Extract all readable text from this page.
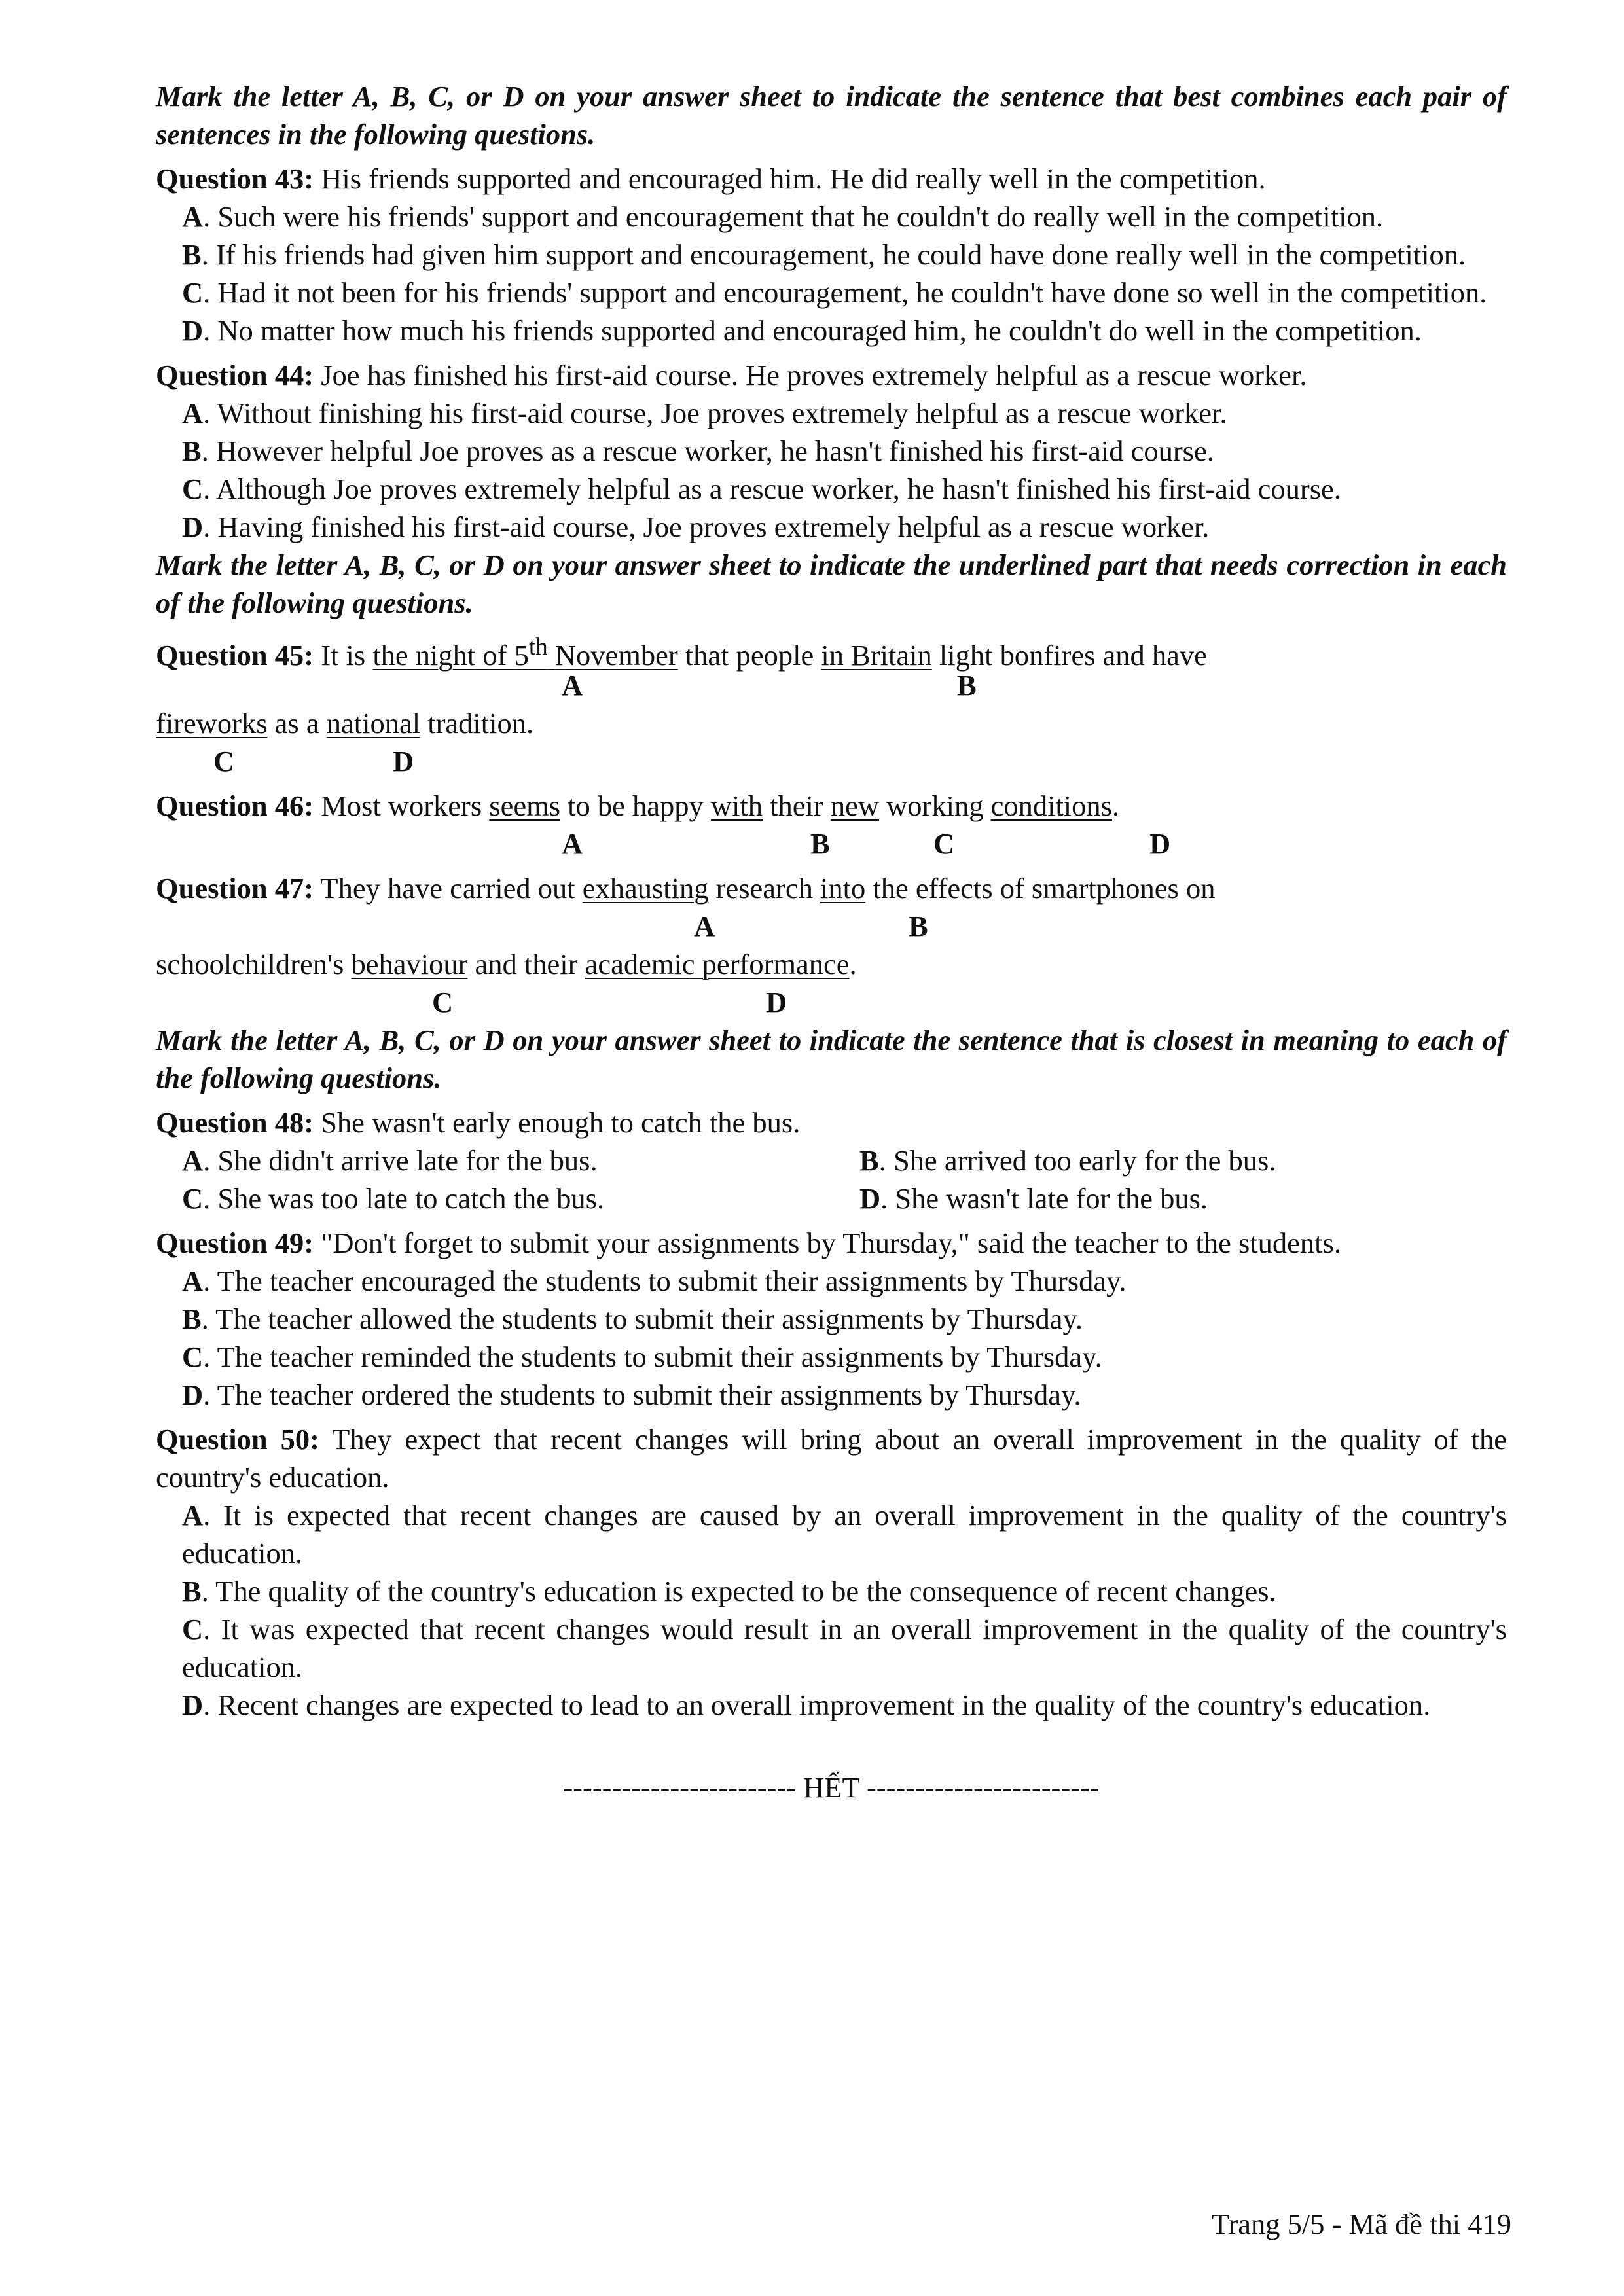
Mark the letter A, B, C, or D on your answer sheet to indicate the sentence that best combines each pair of sentences in the following questions.
Question 43: His friends supported and encouraged him. He did really well in the competition.
A. Such were his friends' support and encouragement that he couldn't do really well in the competition.
B. If his friends had given him support and encouragement, he could have done really well in the competition.
C. Had it not been for his friends' support and encouragement, he couldn't have done so well in the competition.
D. No matter how much his friends supported and encouraged him, he couldn't do well in the competition.
Question 44: Joe has finished his first-aid course. He proves extremely helpful as a rescue worker.
A. Without finishing his first-aid course, Joe proves extremely helpful as a rescue worker.
B. However helpful Joe proves as a rescue worker, he hasn't finished his first-aid course.
C. Although Joe proves extremely helpful as a rescue worker, he hasn't finished his first-aid course.
D. Having finished his first-aid course, Joe proves extremely helpful as a rescue worker.
Mark the letter A, B, C, or D on your answer sheet to indicate the underlined part that needs correction in each of the following questions.
Question 45: It is the night of 5th November that people in Britain light bonfires and have
A	B
fireworks as a national tradition.
C	D
Question 46: Most workers seems to be happy with their new working conditions.
A	B	C	D
Question 47: They have carried out exhausting research into the effects of smartphones on
A	B
schoolchildren's behaviour and their academic performance.
C	D
Mark the letter A, B, C, or D on your answer sheet to indicate the sentence that is closest in meaning to each of the following questions.
Question 48: She wasn't early enough to catch the bus.
A. She didn't arrive late for the bus.	B. She arrived too early for the bus.
C. She was too late to catch the bus.	D. She wasn't late for the bus.
Question 49: "Don't forget to submit your assignments by Thursday," said the teacher to the students.
A. The teacher encouraged the students to submit their assignments by Thursday.
B. The teacher allowed the students to submit their assignments by Thursday.
C. The teacher reminded the students to submit their assignments by Thursday.
D. The teacher ordered the students to submit their assignments by Thursday.
Question 50: They expect that recent changes will bring about an overall improvement in the quality of the country's education.
A. It is expected that recent changes are caused by an overall improvement in the quality of the country's education.
B. The quality of the country's education is expected to be the consequence of recent changes.
C. It was expected that recent changes would result in an overall improvement in the quality of the country's education.
D. Recent changes are expected to lead to an overall improvement in the quality of the country's education.
------------------------ HẾT ------------------------
Trang 5/5 - Mã đề thi 419
